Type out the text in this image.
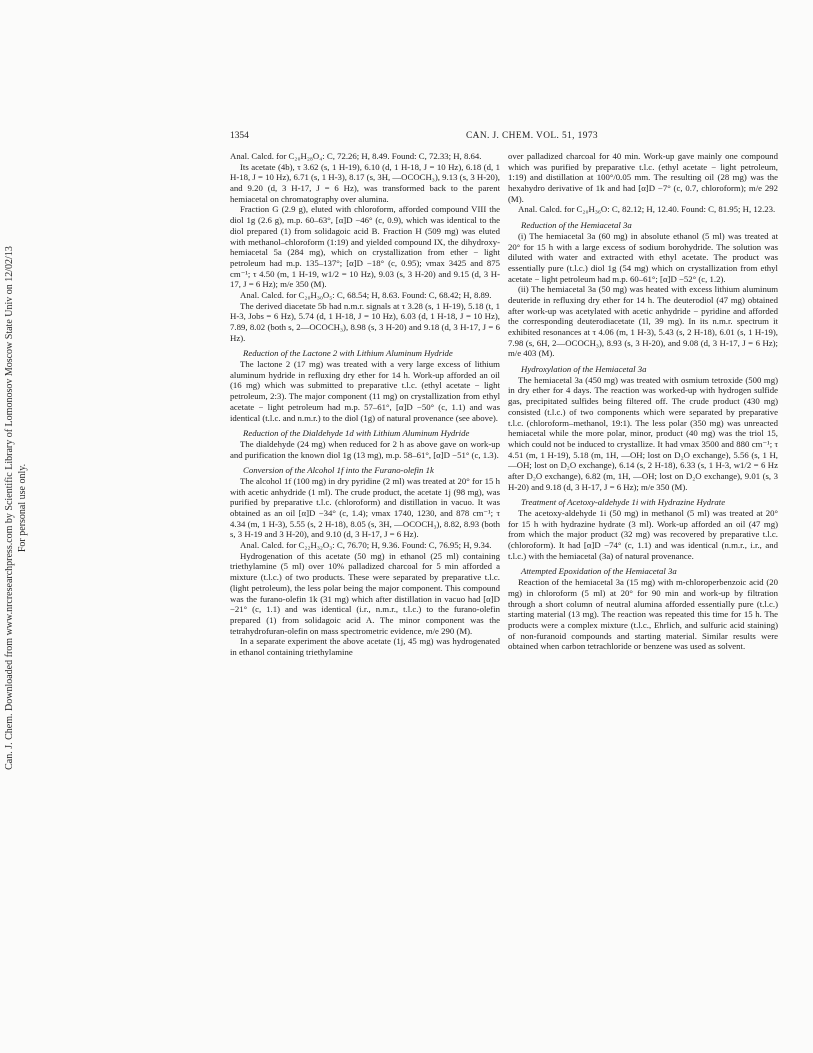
Can. J. Chem. Downloaded from www.nrcresearchpress.com by Scientific Library of Lomonosov Moscow State Univ on 12/02/13 For personal use only.
1354	CAN. J. CHEM. VOL. 51, 1973

Anal. Calcd. for C₂₀H₂₈O₄: C, 72.26; H, 8.49. Found: C, 72.33; H, 8.64.

Its acetate (4b), τ 3.62 (s, 1 H-19), 6.10 (d, 1 H-18, J = 10 Hz), 6.18 (d, 1 H-18, J = 10 Hz), 6.71 (s, 1 H-3), 8.17 (s, 3H, —OCOCH₃), 9.13 (s, 3 H-20), and 9.20 (d, 3 H-17, J = 6 Hz), was transformed back to the parent hemiacetal on chromatography over alumina.

Fraction G (2.9 g), eluted with chloroform, afforded compound VIII the diol 1g (2.6 g), m.p. 60–63°, [α]D −46° (c, 0.9), which was identical to the diol prepared (1) from solidagoic acid B. Fraction H (509 mg) was eluted with methanol–chloroform (1:19) and yielded compound IX, the dihydroxy-hemiacetal 5a (284 mg), which on crystallization from ether − light petroleum had m.p. 135–137°; [α]D −18° (c, 0.95); νmax 3425 and 875 cm⁻¹; τ 4.50 (m, 1 H-19, w1/2 = 10 Hz), 9.03 (s, 3 H-20) and 9.15 (d, 3 H-17, J = 6 Hz); m/e 350 (M).

Anal. Calcd. for C₂₀H₃₀O₅: C, 68.54; H, 8.63. Found: C, 68.42; H, 8.89.

The derived diacetate 5b had n.m.r. signals at τ 3.28 (s, 1 H-19), 5.18 (t, 1 H-3, Jobs = 6 Hz), 5.74 (d, 1 H-18, J = 10 Hz), 6.03 (d, 1 H-18, J = 10 Hz), 7.89, 8.02 (both s, 2—OCOCH₃), 8.98 (s, 3 H-20) and 9.18 (d, 3 H-17, J = 6 Hz).

Reduction of the Lactone 2 with Lithium Aluminum Hydride

The lactone 2 (17 mg) was treated with a very large excess of lithium aluminum hydride in refluxing dry ether for 14 h. Work-up afforded an oil (16 mg) which was submitted to preparative t.l.c. (ethyl acetate − light petroleum, 2:3). The major component (11 mg) on crystallization from ethyl acetate − light petroleum had m.p. 57–61°, [α]D −50° (c, 1.1) and was identical (t.l.c. and n.m.r.) to the diol (1g) of natural provenance (see above).

Reduction of the Dialdehyde 1d with Lithium Aluminum Hydride

The dialdehyde (24 mg) when reduced for 2 h as above gave on work-up and purification the known diol 1g (13 mg), m.p. 58–61°, [α]D −51° (c, 1.3).

Conversion of the Alcohol 1f into the Furano-olefin 1k

The alcohol 1f (100 mg) in dry pyridine (2 ml) was treated at 20° for 15 h with acetic anhydride (1 ml). The crude product, the acetate 1j (98 mg), was purified by preparative t.l.c. (chloroform) and distillation in vacuo. It was obtained as an oil [α]D −34° (c, 1.4); νmax 1740, 1230, and 878 cm⁻¹; τ 4.34 (m, 1 H-3), 5.55 (s, 2 H-18), 8.05 (s, 3H, —OCOCH₃), 8.82, 8.93 (both s, 3 H-19 and 3 H-20), and 9.10 (d, 3 H-17, J = 6 Hz).

Anal. Calcd. for C₂₂H₃₂O₃: C, 76.70; H, 9.36. Found: C, 76.95; H, 9.34.

Hydrogenation of this acetate (50 mg) in ethanol (25 ml) containing triethylamine (5 ml) over 10% palladized charcoal for 5 min afforded a mixture (t.l.c.) of two products. These were separated by preparative t.l.c. (light petroleum), the less polar being the major component. This compound was the furano-olefin 1k (31 mg) which after distillation in vacuo had [α]D −21° (c, 1.1) and was identical (i.r., n.m.r., t.l.c.) to the furano-olefin prepared (1) from solidagoic acid A. The minor component was the tetrahydrofuran-olefin on mass spectrometric evidence, m/e 290 (M).

In a separate experiment the above acetate (1j, 45 mg) was hydrogenated in ethanol containing triethylamine

over palladized charcoal for 40 min. Work-up gave mainly one compound which was purified by preparative t.l.c. (ethyl acetate − light petroleum, 1:19) and distillation at 100°/0.05 mm. The resulting oil (28 mg) was the hexahydro derivative of 1k and had [α]D −7° (c, 0.7, chloroform); m/e 292 (M).

Anal. Calcd. for C₂₀H₃₆O: C, 82.12; H, 12.40. Found: C, 81.95; H, 12.23.

Reduction of the Hemiacetal 3a

(i) The hemiacetal 3a (60 mg) in absolute ethanol (5 ml) was treated at 20° for 15 h with a large excess of sodium borohydride. The solution was diluted with water and extracted with ethyl acetate. The product was essentially pure (t.l.c.) diol 1g (54 mg) which on crystallization from ethyl acetate − light petroleum had m.p. 60–61°; [α]D −52° (c, 1.2).

(ii) The hemiacetal 3a (50 mg) was heated with excess lithium aluminum deuteride in refluxing dry ether for 14 h. The deuterodiol (47 mg) obtained after work-up was acetylated with acetic anhydride − pyridine and afforded the corresponding deuterodiacetate (1l, 39 mg). In its n.m.r. spectrum it exhibited resonances at τ 4.06 (m, 1 H-3), 5.43 (s, 2 H-18), 6.01 (s, 1 H-19), 7.98 (s, 6H, 2—OCOCH₃), 8.93 (s, 3 H-20), and 9.08 (d, 3 H-17, J = 6 Hz); m/e 403 (M).

Hydroxylation of the Hemiacetal 3a

The hemiacetal 3a (450 mg) was treated with osmium tetroxide (500 mg) in dry ether for 4 days. The reaction was worked-up with hydrogen sulfide gas, precipitated sulfides being filtered off. The crude product (430 mg) consisted (t.l.c.) of two components which were separated by preparative t.l.c. (chloroform–methanol, 19:1). The less polar (350 mg) was unreacted hemiacetal while the more polar, minor, product (40 mg) was the triol 15, which could not be induced to crystallize. It had νmax 3500 and 880 cm⁻¹; τ 4.51 (m, 1 H-19), 5.18 (m, 1H, —OH; lost on D₂O exchange), 5.56 (s, 1 H, —OH; lost on D₂O exchange), 6.14 (s, 2 H-18), 6.33 (s, 1 H-3, w1/2 = 6 Hz after D₂O exchange), 6.82 (m, 1H, —OH; lost on D₂O exchange), 9.01 (s, 3 H-20) and 9.18 (d, 3 H-17, J = 6 Hz); m/e 350 (M).

Treatment of Acetoxy-aldehyde 1i with Hydrazine Hydrate

The acetoxy-aldehyde 1i (50 mg) in methanol (5 ml) was treated at 20° for 15 h with hydrazine hydrate (3 ml). Work-up afforded an oil (47 mg) from which the major product (32 mg) was recovered by preparative t.l.c. (chloroform). It had [α]D −74° (c, 1.1) and was identical (n.m.r., i.r., and t.l.c.) with the hemiacetal (3a) of natural provenance.

Attempted Epoxidation of the Hemiacetal 3a

Reaction of the hemiacetal 3a (15 mg) with m-chloroperbenzoic acid (20 mg) in chloroform (5 ml) at 20° for 90 min and work-up by filtration through a short column of neutral alumina afforded essentially pure (t.l.c.) starting material (13 mg). The reaction was repeated this time for 15 h. The products were a complex mixture (t.l.c., Ehrlich, and sulfuric acid staining) of non-furanoid compounds and starting material. Similar results were obtained when carbon tetrachloride or benzene was used as solvent.
